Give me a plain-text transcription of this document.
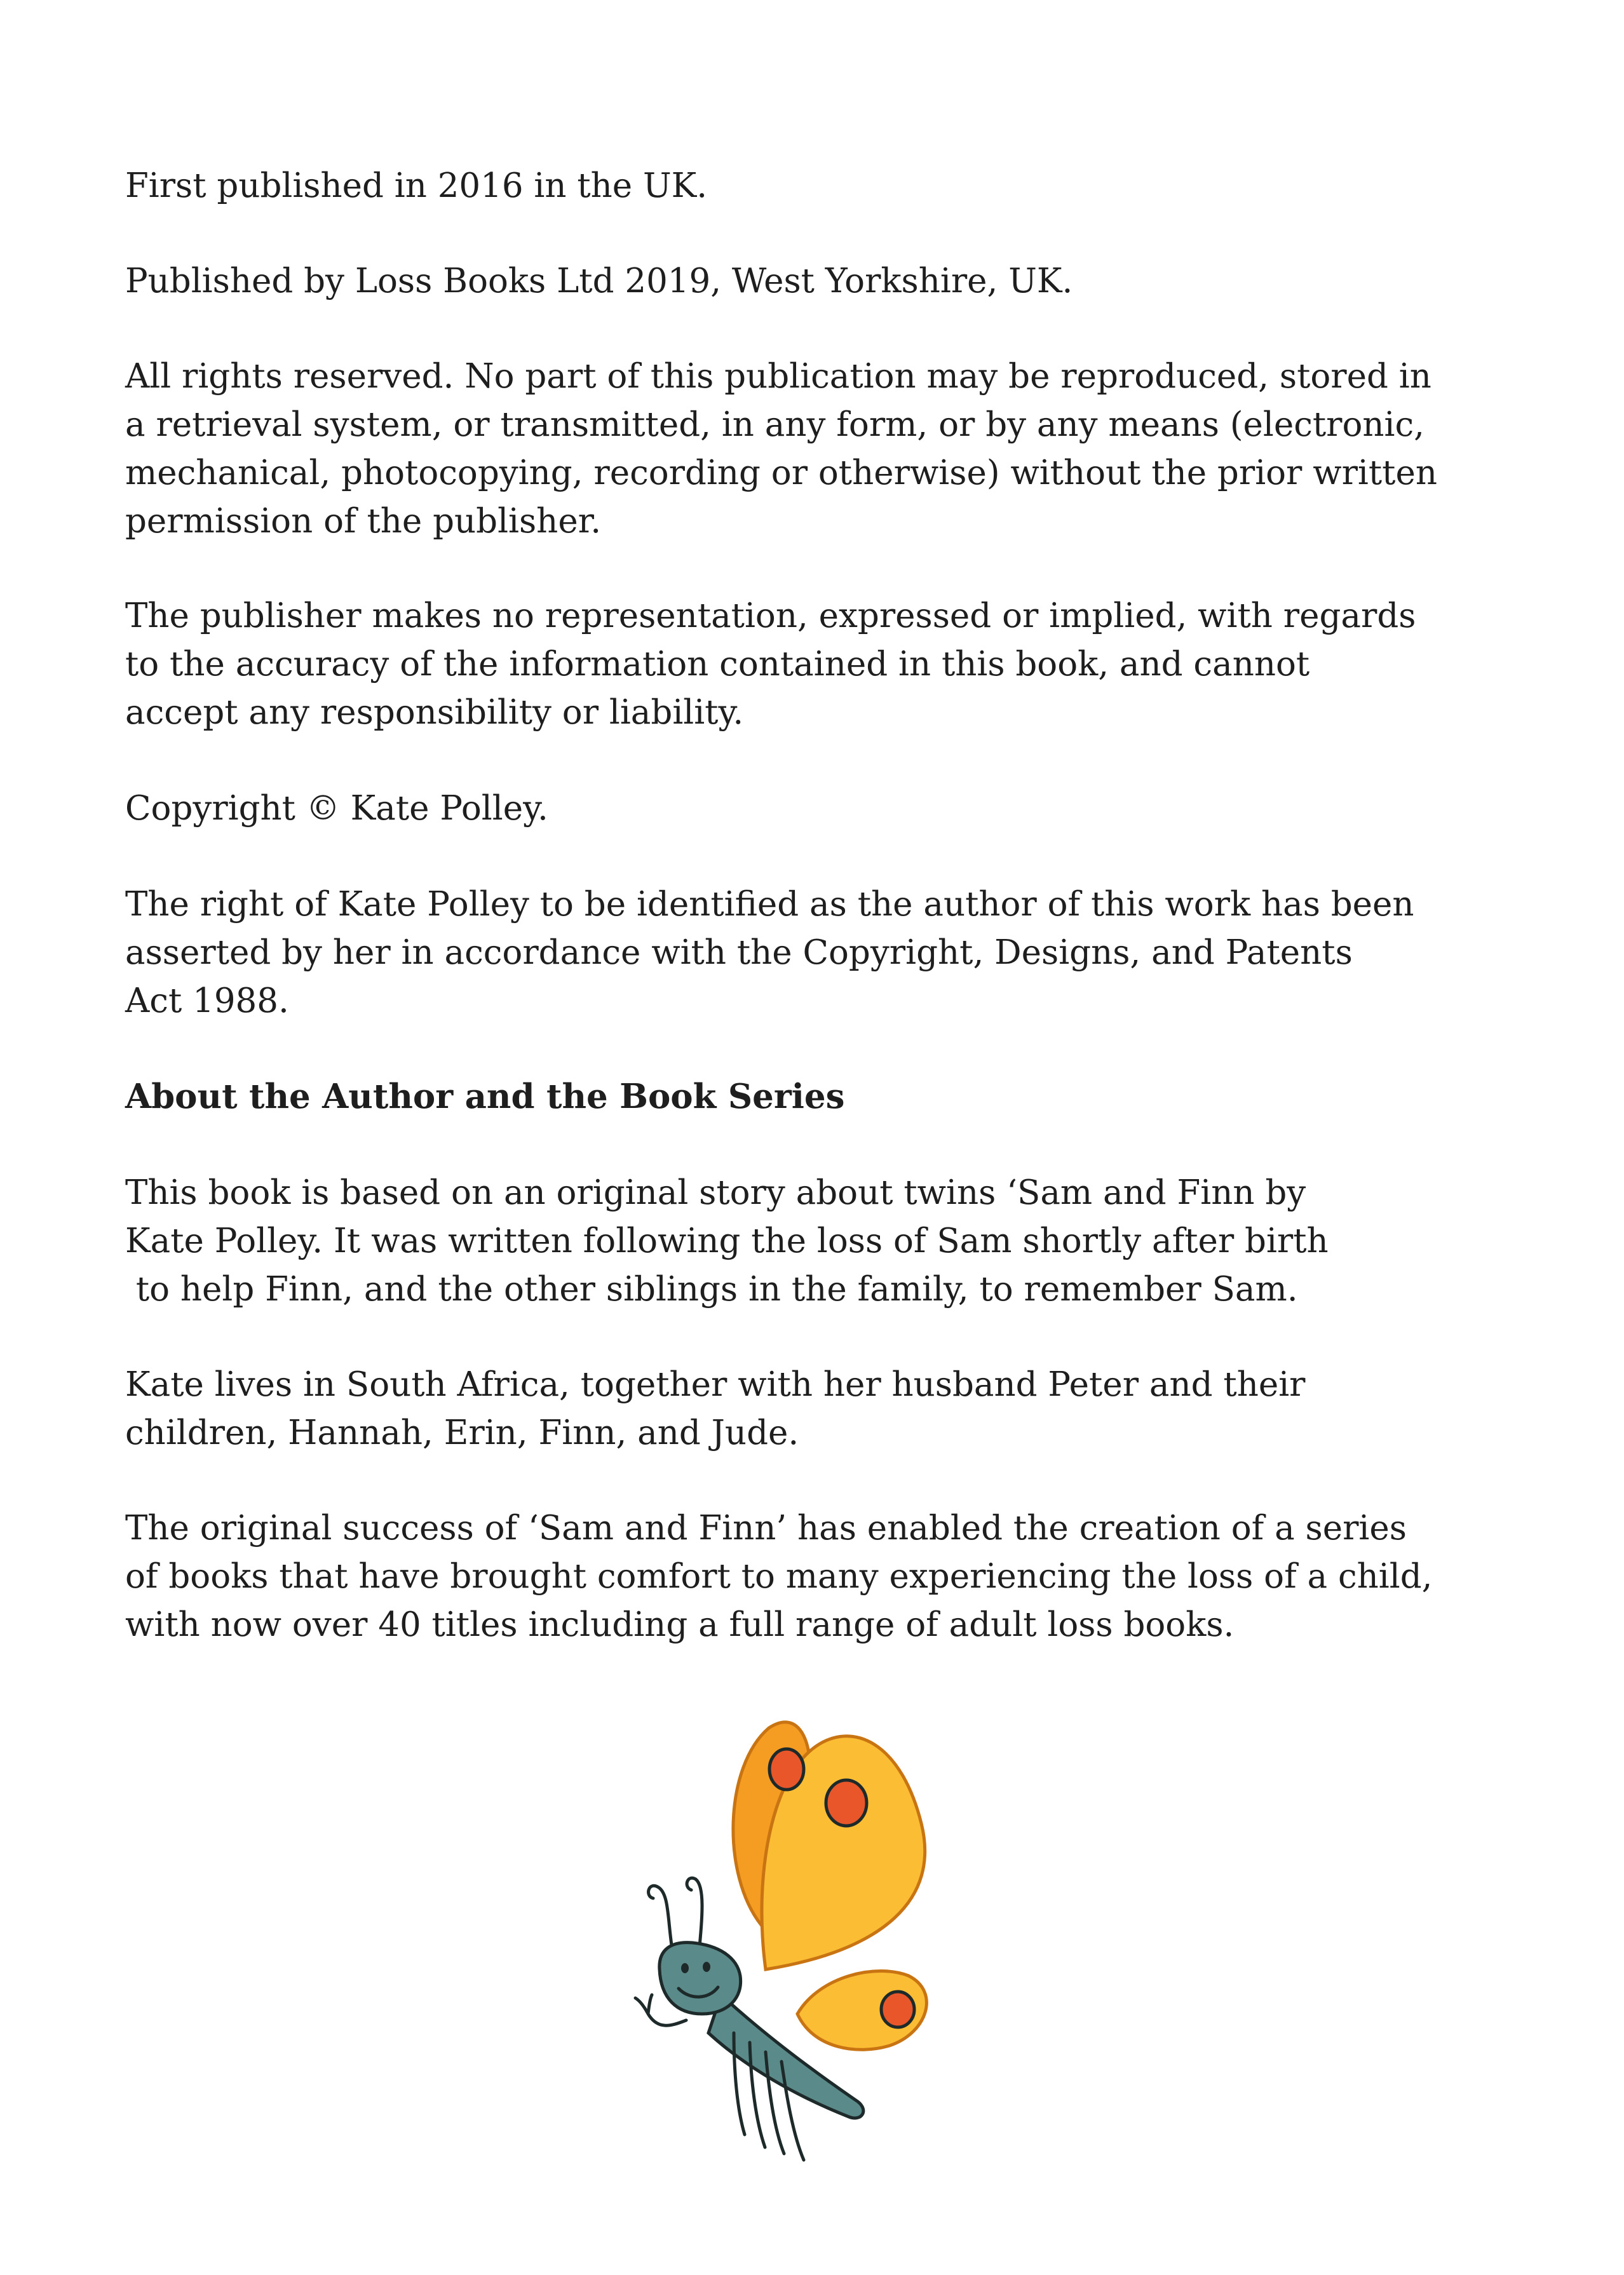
First published in 2016 in the UK.

Published by Loss Books Ltd 2019, West Yorkshire, UK.

All rights reserved. No part of this publication may be reproduced, stored in
a retrieval system, or transmitted, in any form, or by any means (electronic,
mechanical, photocopying, recording or otherwise) without the prior written
permission of the publisher.

The publisher makes no representation, expressed or implied, with regards
to the accuracy of the information contained in this book, and cannot
accept any responsibility or liability.

Copyright © Kate Polley.

The right of Kate Polley to be identified as the author of this work has been
asserted by her in accordance with the Copyright, Designs, and Patents
Act 1988.

About the Author and the Book Series

This book is based on an original story about twins ‘Sam and Finn by
Kate Polley. It was written following the loss of Sam shortly after birth
to help Finn, and the other siblings in the family, to remember Sam.

Kate lives in South Africa, together with her husband Peter and their
children, Hannah, Erin, Finn, and Jude.

The original success of ‘Sam and Finn’ has enabled the creation of a series
of books that have brought comfort to many experiencing the loss of a child,
with now over 40 titles including a full range of adult loss books.
